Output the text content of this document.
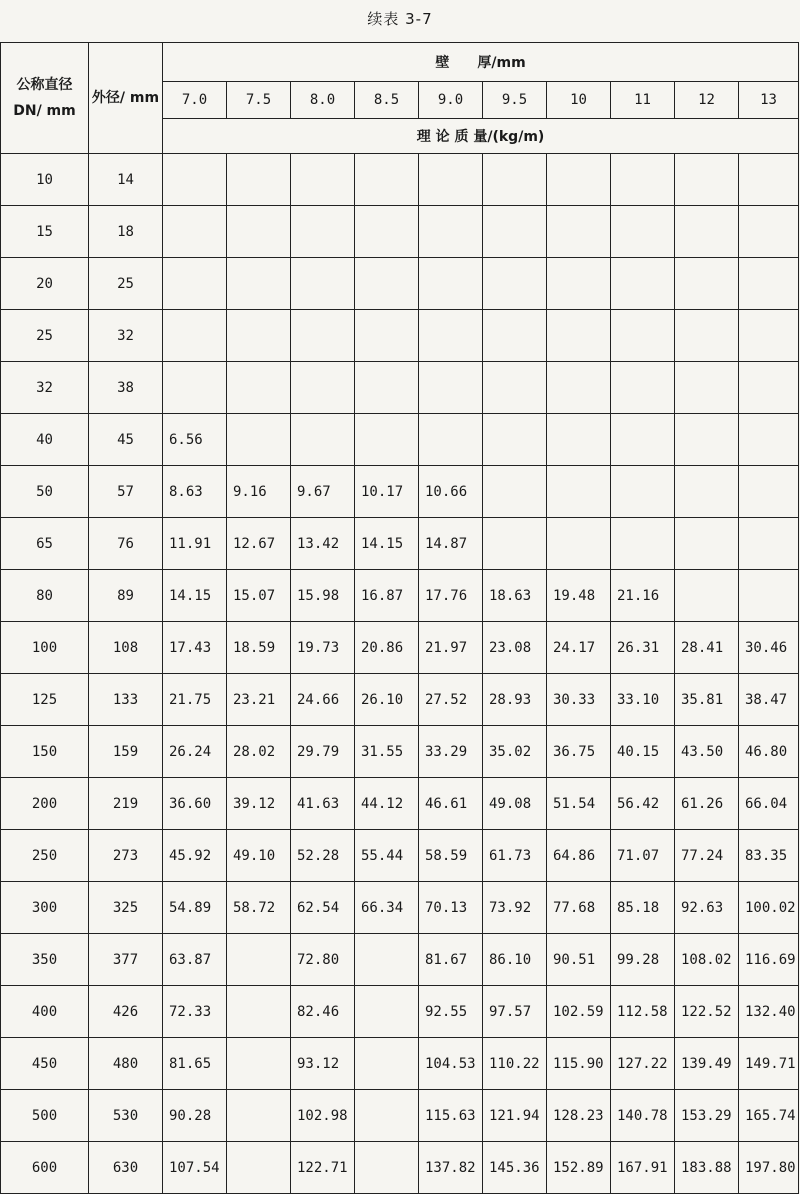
续表 3-7
公称直径 DN/ mm	外径/ mm	壁　　厚/mm									
		7.0	7.5	8.0	8.5	9.0	9.5	10	11	12	13
		理 论 质 量/(kg/m)									
10	14										
15	18										
20	25										
25	32										
32	38										
40	45	6.56									
50	57	8.63	9.16	9.67	10.17	10.66					
65	76	11.91	12.67	13.42	14.15	14.87					
80	89	14.15	15.07	15.98	16.87	17.76	18.63	19.48	21.16		
100	108	17.43	18.59	19.73	20.86	21.97	23.08	24.17	26.31	28.41	30.46
125	133	21.75	23.21	24.66	26.10	27.52	28.93	30.33	33.10	35.81	38.47
150	159	26.24	28.02	29.79	31.55	33.29	35.02	36.75	40.15	43.50	46.80
200	219	36.60	39.12	41.63	44.12	46.61	49.08	51.54	56.42	61.26	66.04
250	273	45.92	49.10	52.28	55.44	58.59	61.73	64.86	71.07	77.24	83.35
300	325	54.89	58.72	62.54	66.34	70.13	73.92	77.68	85.18	92.63	100.02
350	377	63.87		72.80		81.67	86.10	90.51	99.28	108.02	116.69
400	426	72.33		82.46		92.55	97.57	102.59	112.58	122.52	132.40
450	480	81.65		93.12		104.53	110.22	115.90	127.22	139.49	149.71
500	530	90.28		102.98		115.63	121.94	128.23	140.78	153.29	165.74
600	630	107.54		122.71		137.82	145.36	152.89	167.91	183.88	197.80
